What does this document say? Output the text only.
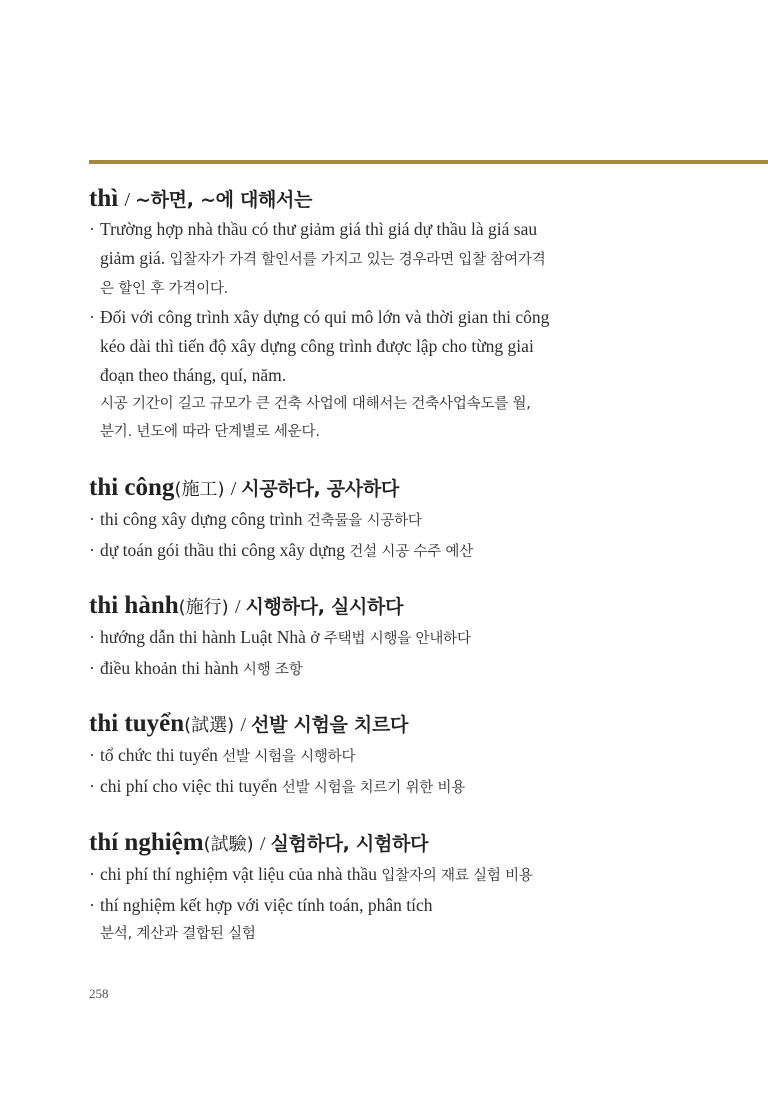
thì / ~하면, ~에 대해서는
· Trường hợp nhà thầu có thư giảm giá thì giá dự thầu là giá sau
giảm giá. 입찰자가 가격 할인서를 가지고 있는 경우라면 입찰 참여가격
은 할인 후 가격이다.
· Đối với công trình xây dựng có qui mô lớn và thời gian thi công
kéo dài thì tiến độ xây dựng công trình được lập cho từng giai
đoạn theo tháng, quí, năm.
시공 기간이 길고 규모가 큰 건축 사업에 대해서는 건축사업속도를 월,
분기. 년도에 따라 단계별로 세운다.
thi công(施工) / 시공하다, 공사하다
· thi công xây dựng công trình 건축물을 시공하다
· dự toán gói thầu thi công xây dựng 건설 시공 수주 예산
thi hành(施行) / 시행하다, 실시하다
· hướng dẫn thi hành Luật Nhà ở 주택법 시행을 안내하다
· điều khoản thi hành 시행 조항
thi tuyển(試選) / 선발 시험을 치르다
· tổ chức thi tuyển 선발 시험을 시행하다
· chi phí cho việc thi tuyển 선발 시험을 치르기 위한 비용
thí nghiệm(試驗) / 실험하다, 시험하다
· chi phí thí nghiệm vật liệu của nhà thầu 입찰자의 재료 실험 비용
· thí nghiệm kết hợp với việc tính toán, phân tích
분석, 계산과 결합된 실험
258
